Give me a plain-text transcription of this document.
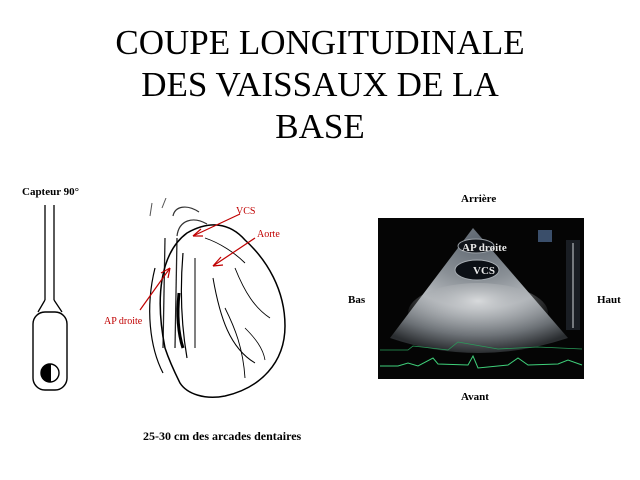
COUPE LONGITUDINALE
DES VAISSAUX DE LA
BASE
Capteur 90°
VCS
Aorte
AP droite
Arrière
Avant
Bas	Haut
AP droite
VCS
25-30 cm des arcades dentaires
